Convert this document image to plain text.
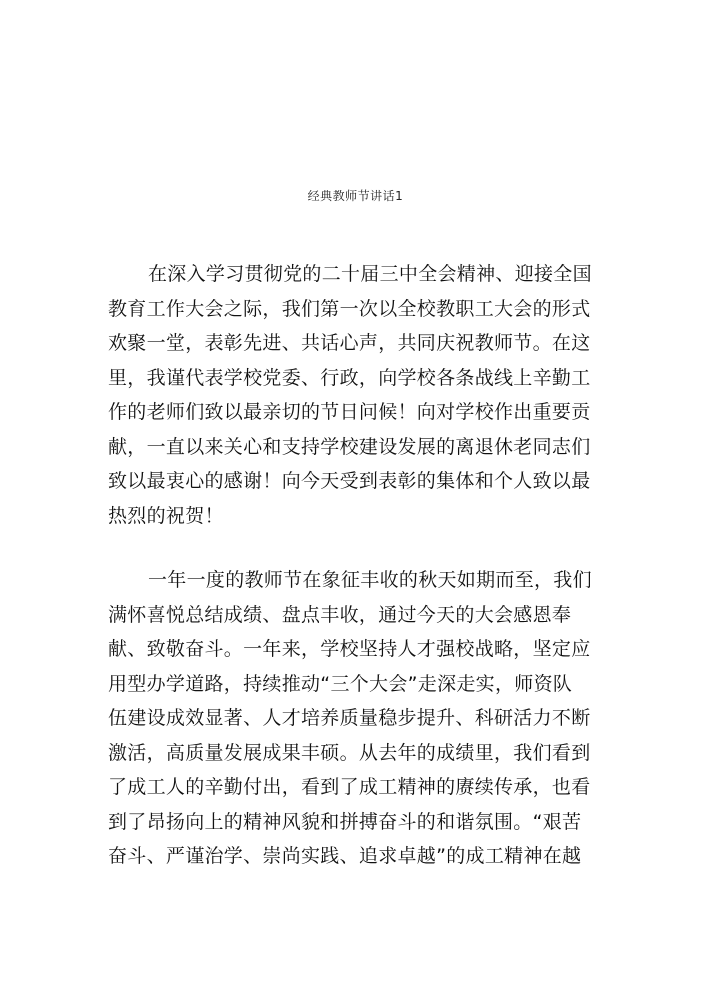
经典教师节讲话1
在深入学习贯彻党的二十届三中全会精神、迎接全国
教育工作大会之际，我们第一次以全校教职工大会的形式
欢聚一堂，表彰先进、共话心声，共同庆祝教师节。在这
里，我谨代表学校党委、行政，向学校各条战线上辛勤工
作的老师们致以最亲切的节日问候！向对学校作出重要贡
献，一直以来关心和支持学校建设发展的离退休老同志们
致以最衷心的感谢！向今天受到表彰的集体和个人致以最
热烈的祝贺！
一年一度的教师节在象征丰收的秋天如期而至，我们
满怀喜悦总结成绩、盘点丰收，通过今天的大会感恩奉
献、致敬奋斗。一年来，学校坚持人才强校战略，坚定应
用型办学道路，持续推动“三个大会”走深走实，师资队
伍建设成效显著、人才培养质量稳步提升、科研活力不断
激活，高质量发展成果丰硕。从去年的成绩里，我们看到
了成工人的辛勤付出，看到了成工精神的赓续传承，也看
到了昂扬向上的精神风貌和拼搏奋斗的和谐氛围。“艰苦
奋斗、严谨治学、崇尚实践、追求卓越”的成工精神在越
